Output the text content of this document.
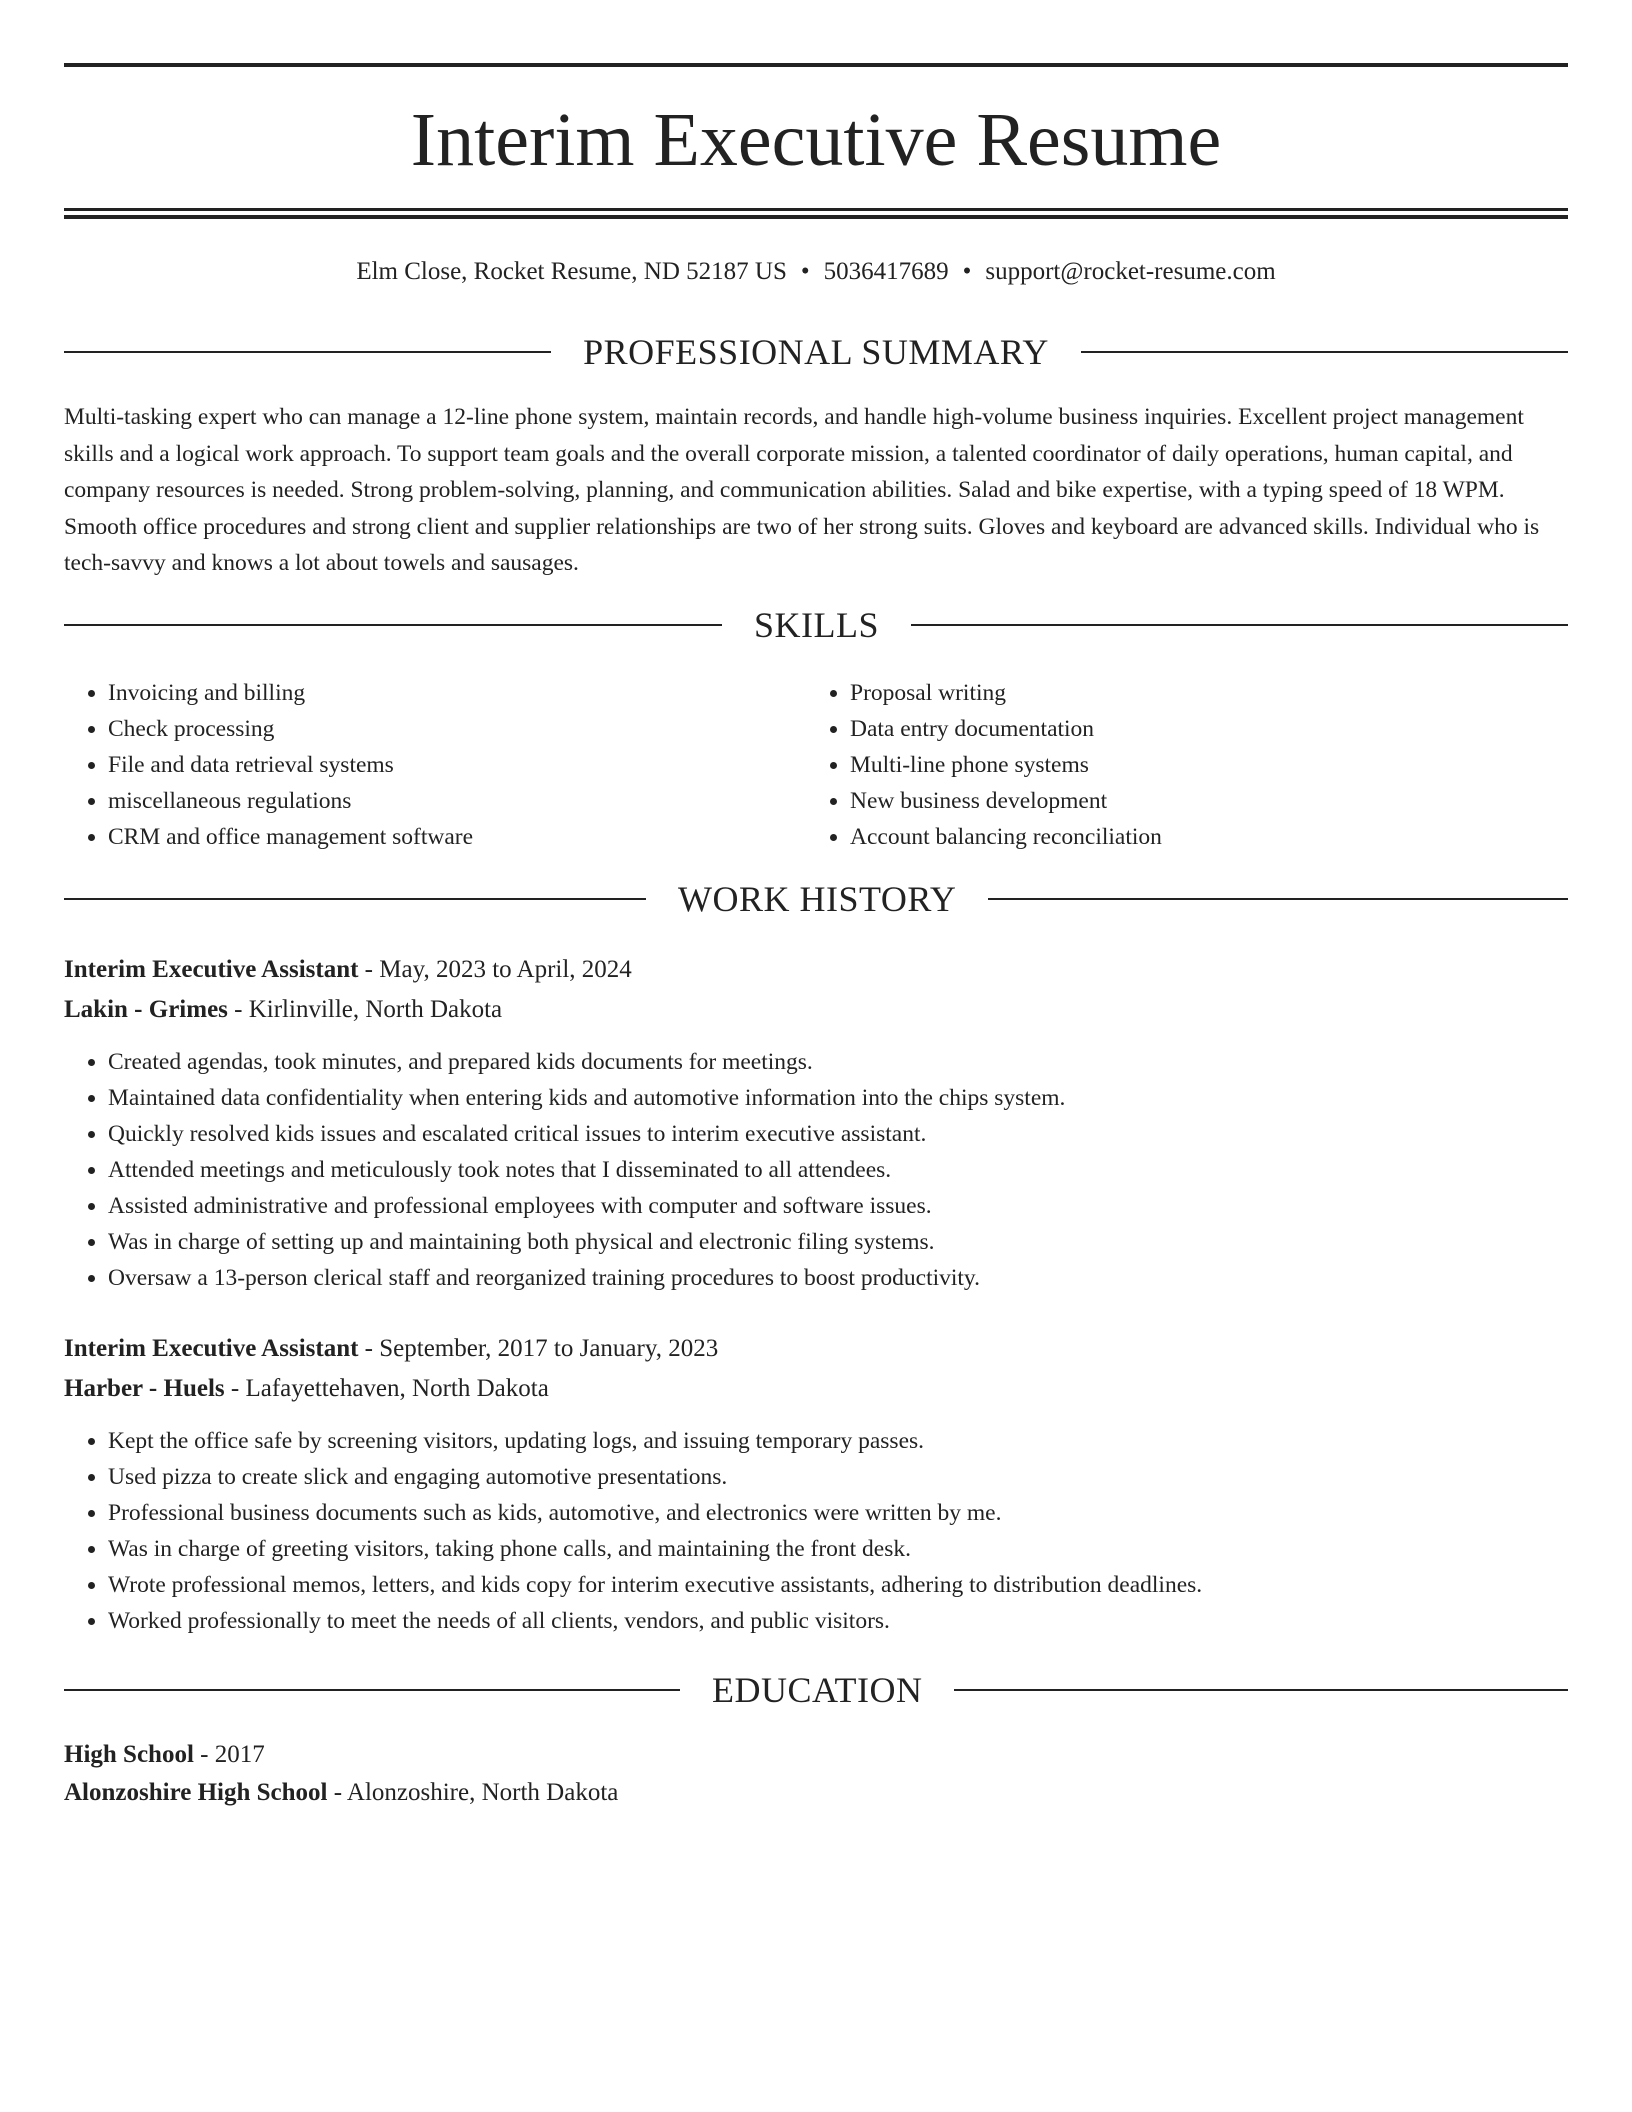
Interim Executive Resume
Elm Close, Rocket Resume, ND 52187 US • 5036417689 • support@rocket-resume.com
PROFESSIONAL SUMMARY

Multi-tasking expert who can manage a 12-line phone system, maintain records, and handle high-volume business inquiries. Excellent project management skills and a logical work approach. To support team goals and the overall corporate mission, a talented coordinator of daily operations, human capital, and company resources is needed. Strong problem-solving, planning, and communication abilities. Salad and bike expertise, with a typing speed of 18 WPM. Smooth office procedures and strong client and supplier relationships are two of her strong suits. Gloves and keyboard are advanced skills. Individual who is tech-savvy and knows a lot about towels and sausages.

SKILLS
• Invoicing and billing
• Check processing
• File and data retrieval systems
• miscellaneous regulations
• CRM and office management software
• Proposal writing
• Data entry documentation
• Multi-line phone systems
• New business development
• Account balancing reconciliation
WORK HISTORY
Interim Executive Assistant - May, 2023 to April, 2024
Lakin - Grimes - Kirlinville, North Dakota
• Created agendas, took minutes, and prepared kids documents for meetings.
• Maintained data confidentiality when entering kids and automotive information into the chips system.
• Quickly resolved kids issues and escalated critical issues to interim executive assistant.
• Attended meetings and meticulously took notes that I disseminated to all attendees.
• Assisted administrative and professional employees with computer and software issues.
• Was in charge of setting up and maintaining both physical and electronic filing systems.
• Oversaw a 13-person clerical staff and reorganized training procedures to boost productivity.
Interim Executive Assistant - September, 2017 to January, 2023
Harber - Huels - Lafayettehaven, North Dakota
• Kept the office safe by screening visitors, updating logs, and issuing temporary passes.
• Used pizza to create slick and engaging automotive presentations.
• Professional business documents such as kids, automotive, and electronics were written by me.
• Was in charge of greeting visitors, taking phone calls, and maintaining the front desk.
• Wrote professional memos, letters, and kids copy for interim executive assistants, adhering to distribution deadlines.
• Worked professionally to meet the needs of all clients, vendors, and public visitors.
EDUCATION
High School - 2017
Alonzoshire High School - Alonzoshire, North Dakota
